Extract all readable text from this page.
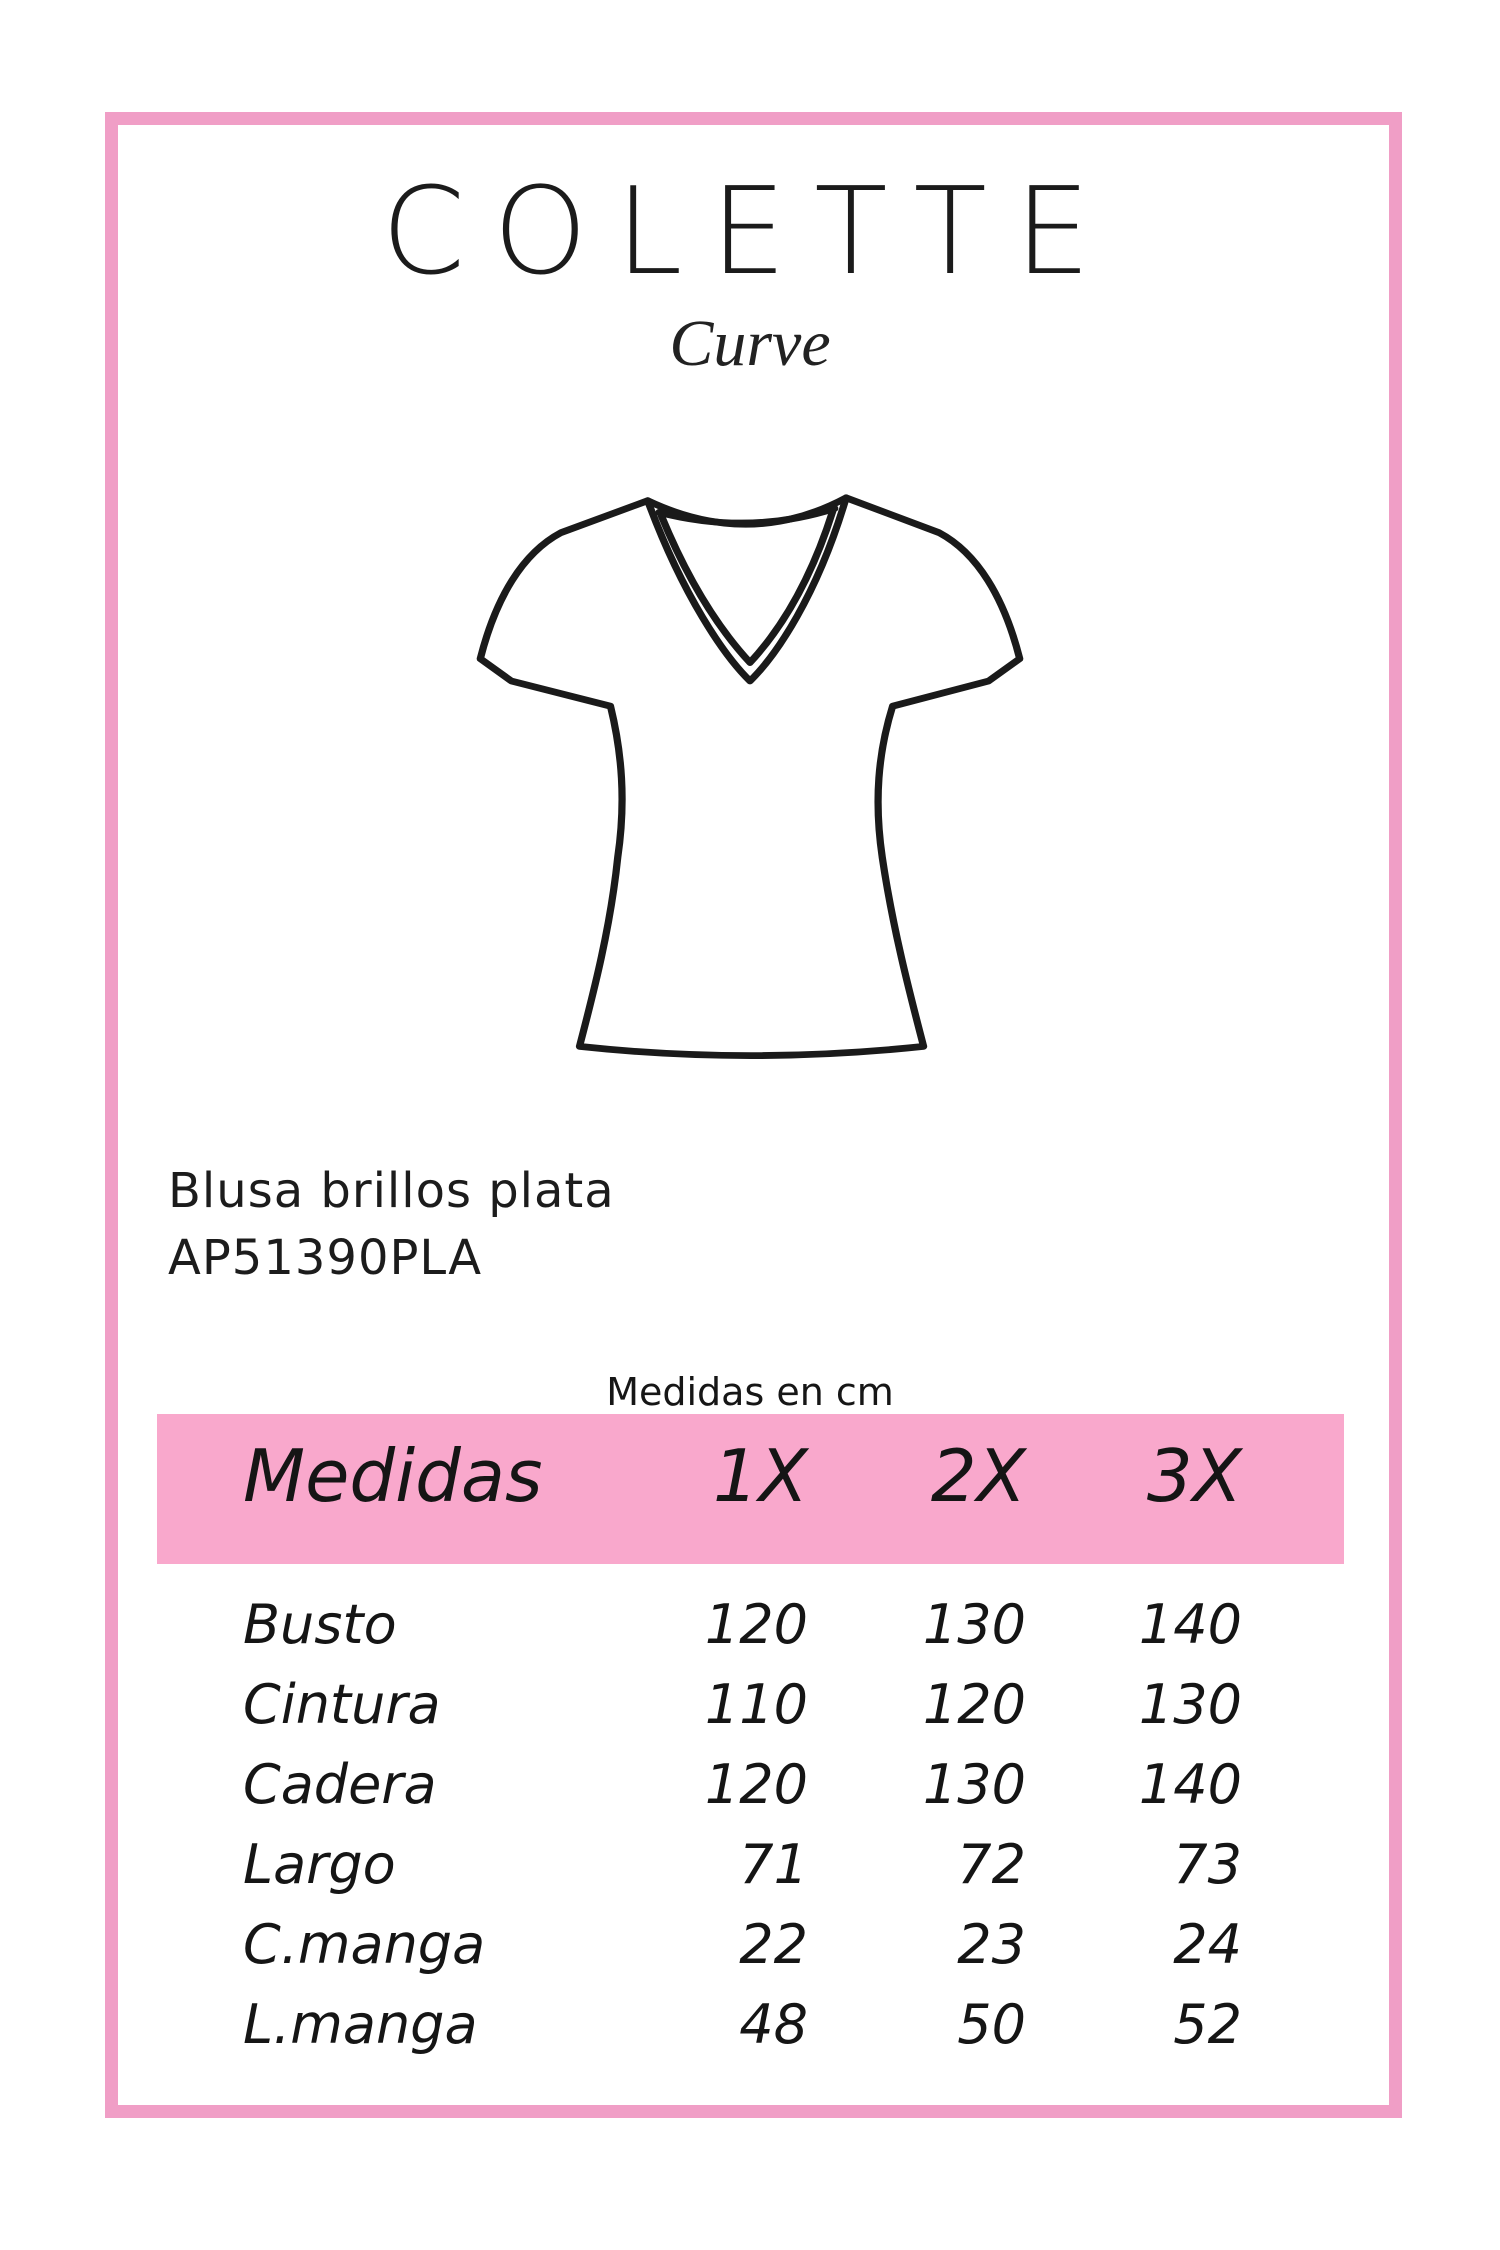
COLETTE
Curve
Blusa brillos plata
AP51390PLA
Medidas en cm
Medidas	1X	2X	3X
Busto	120	130	140
Cintura	110	120	130
Cadera	120	130	140
Largo	71	72	73
C.manga	22	23	24
L.manga	48	50	52
